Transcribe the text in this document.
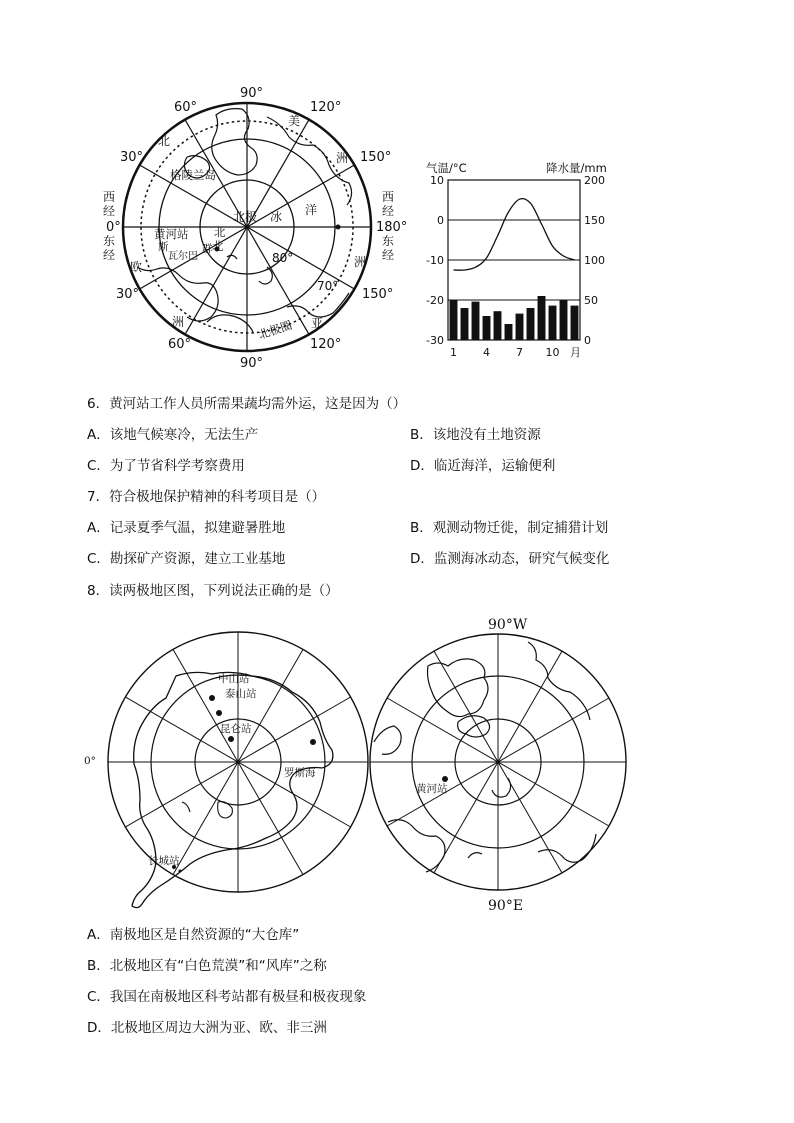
90°
90°
60°	120°
30°	150°
0°	180°
30°	150°
60°	120°
西
经
东
经
西
经
东
经
美
北
洲
格陵兰岛
北极 冰 洋
黄河站 北
北
斯
瓦尔巴
群
80°
欧
洲
洲
70°
亚
北极圈
气温/°C	降水量/mm
10
0
-10
-20
-30
200
150
100
50
0
1 4 7 10 月
6．黄河站工作人员所需果蔬均需外运，这是因为（）
A．该地气候寒冷，无法生产	B．该地没有土地资源
C．为了节省科学考察费用	D．临近海洋，运输便利
7．符合极地保护精神的科考项目是（）
A．记录夏季气温，拟建避暑胜地	B．观测动物迁徙，制定捕猎计划
C．勘探矿产资源，建立工业基地	D．监测海冰动态，研究气候变化
8．读两极地区图，下列说法正确的是（）
中山站
泰山站
昆仑站
罗斯海
长城站
0°
90°W
90°E
黄河站
A．南极地区是自然资源的“大仓库”
B．北极地区有“白色荒漠”和“风库”之称
C．我国在南极地区科考站都有极昼和极夜现象
D．北极地区周边大洲为亚、欧、非三洲
